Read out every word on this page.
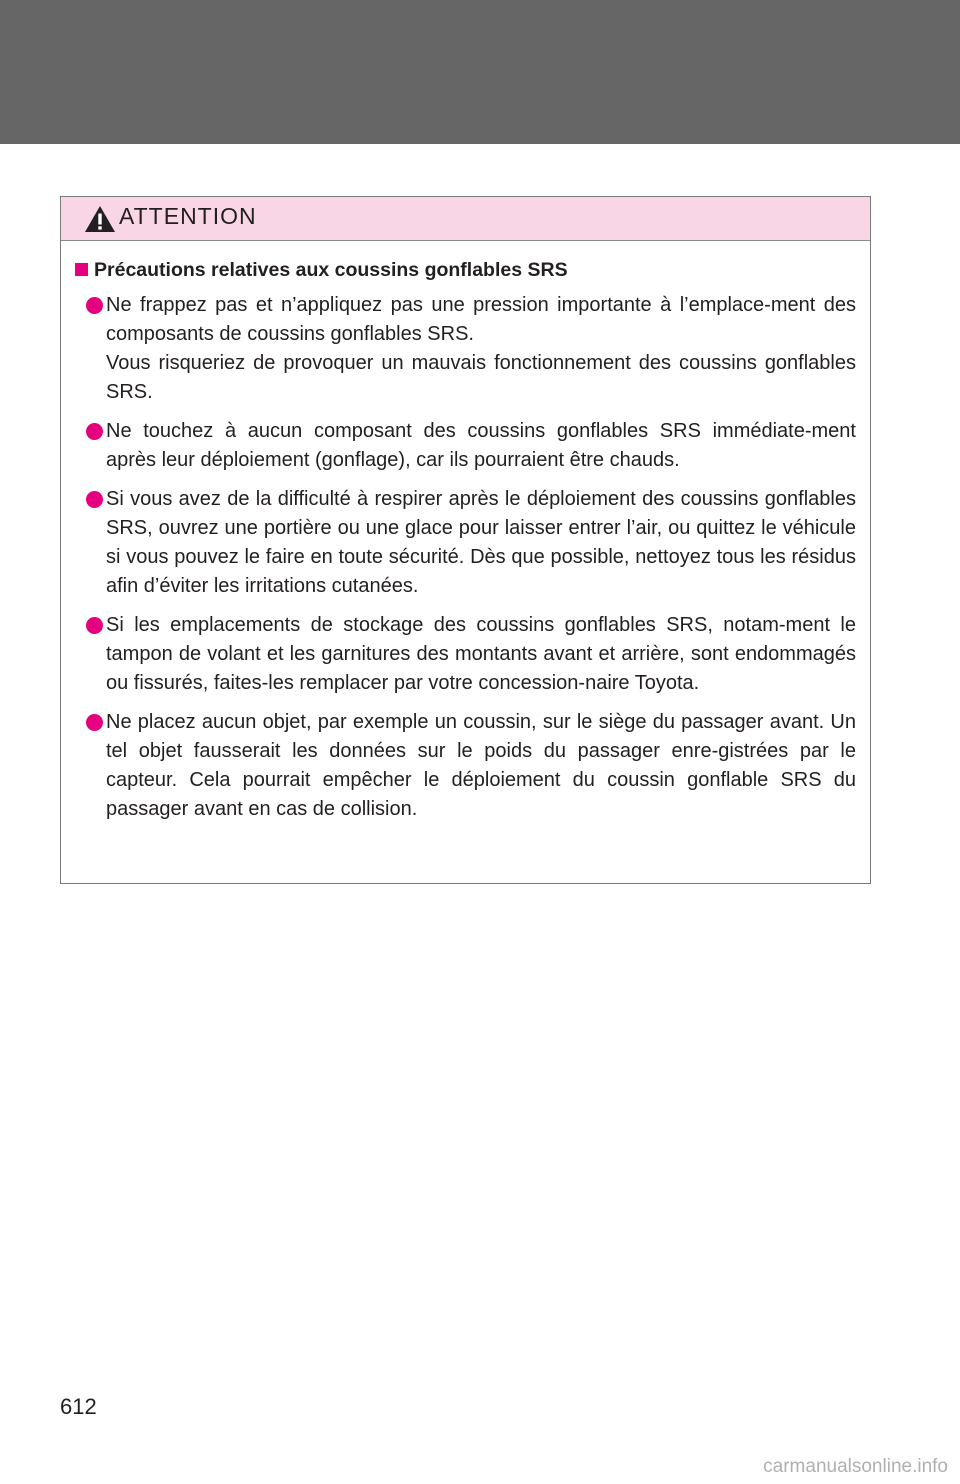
ATTENTION
Précautions relatives aux coussins gonflables SRS

Ne frappez pas et n’appliquez pas une pression importante à l’emplace-ment des composants de coussins gonflables SRS.

Vous risqueriez de provoquer un mauvais fonctionnement des coussins gonflables SRS.

Ne touchez à aucun composant des coussins gonflables SRS immédiate-ment après leur déploiement (gonflage), car ils pourraient être chauds.

Si vous avez de la difficulté à respirer après le déploiement des coussins gonflables SRS, ouvrez une portière ou une glace pour laisser entrer l’air, ou quittez le véhicule si vous pouvez le faire en toute sécurité. Dès que possible, nettoyez tous les résidus afin d’éviter les irritations cutanées.

Si les emplacements de stockage des coussins gonflables SRS, notam-ment le tampon de volant et les garnitures des montants avant et arrière, sont endommagés ou fissurés, faites-les remplacer par votre concession-naire Toyota.

Ne placez aucun objet, par exemple un coussin, sur le siège du passager avant. Un tel objet fausserait les données sur le poids du passager enre-gistrées par le capteur. Cela pourrait empêcher le déploiement du coussin gonflable SRS du passager avant en cas de collision.

612
carmanualsonline.info
